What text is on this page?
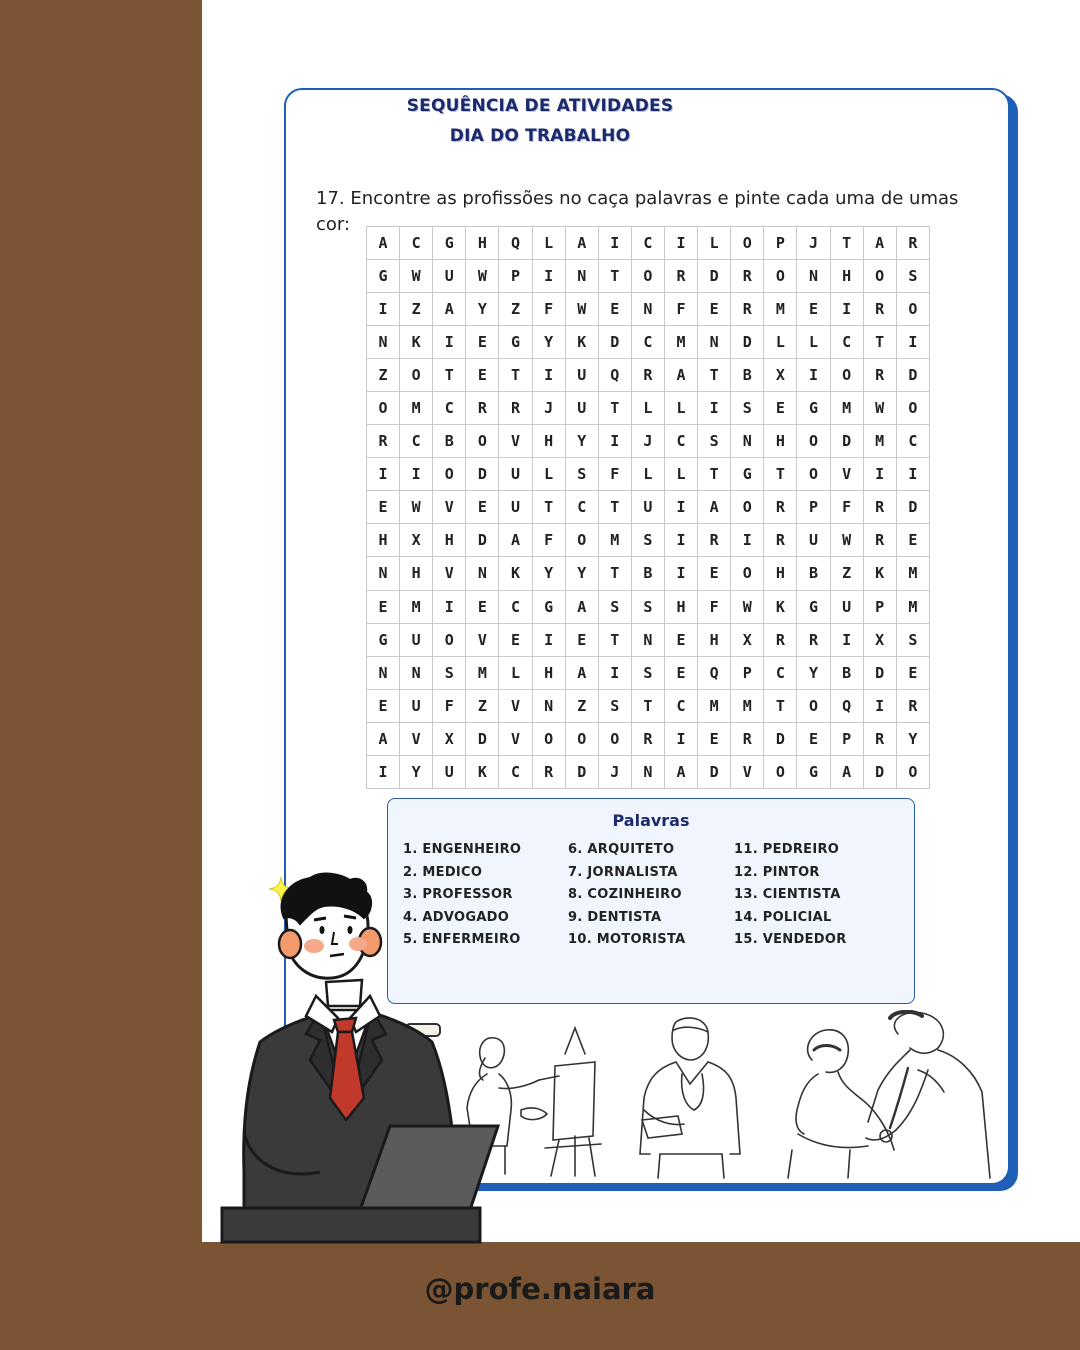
SEQUÊNCIA DE ATIVIDADES
DIA DO TRABALHO
17. Encontre as profissões no caça palavras e pinte cada uma de umas cor:
A	C	G	H	Q	L	A	I	C	I	L	O	P	J	T	A	R
G	W	U	W	P	I	N	T	O	R	D	R	O	N	H	O	S
I	Z	A	Y	Z	F	W	E	N	F	E	R	M	E	I	R	O
N	K	I	E	G	Y	K	D	C	M	N	D	L	L	C	T	I
Z	O	T	E	T	I	U	Q	R	A	T	B	X	I	O	R	D
O	M	C	R	R	J	U	T	L	L	I	S	E	G	M	W	O
R	C	B	O	V	H	Y	I	J	C	S	N	H	O	D	M	C
I	I	O	D	U	L	S	F	L	L	T	G	T	O	V	I	I
E	W	V	E	U	T	C	T	U	I	A	O	R	P	F	R	D
H	X	H	D	A	F	O	M	S	I	R	I	R	U	W	R	E
N	H	V	N	K	Y	Y	T	B	I	E	O	H	B	Z	K	M
E	M	I	E	C	G	A	S	S	H	F	W	K	G	U	P	M
G	U	O	V	E	I	E	T	N	E	H	X	R	R	I	X	S
N	N	S	M	L	H	A	I	S	E	Q	P	C	Y	B	D	E
E	U	F	Z	V	N	Z	S	T	C	M	M	T	O	Q	I	R
A	V	X	D	V	O	O	O	R	I	E	R	D	E	P	R	Y
I	Y	U	K	C	R	D	J	N	A	D	V	O	G	A	D	O
Palavras
1. ENGENHEIRO
2. MEDICO
3. PROFESSOR
4. ADVOGADO
5. ENFERMEIRO
6. ARQUITETO
7. JORNALISTA
8. COZINHEIRO
9. DENTISTA
10. MOTORISTA
11. PEDREIRO
12. PINTOR
13. CIENTISTA
14. POLICIAL
15. VENDEDOR
@profe.naiara
